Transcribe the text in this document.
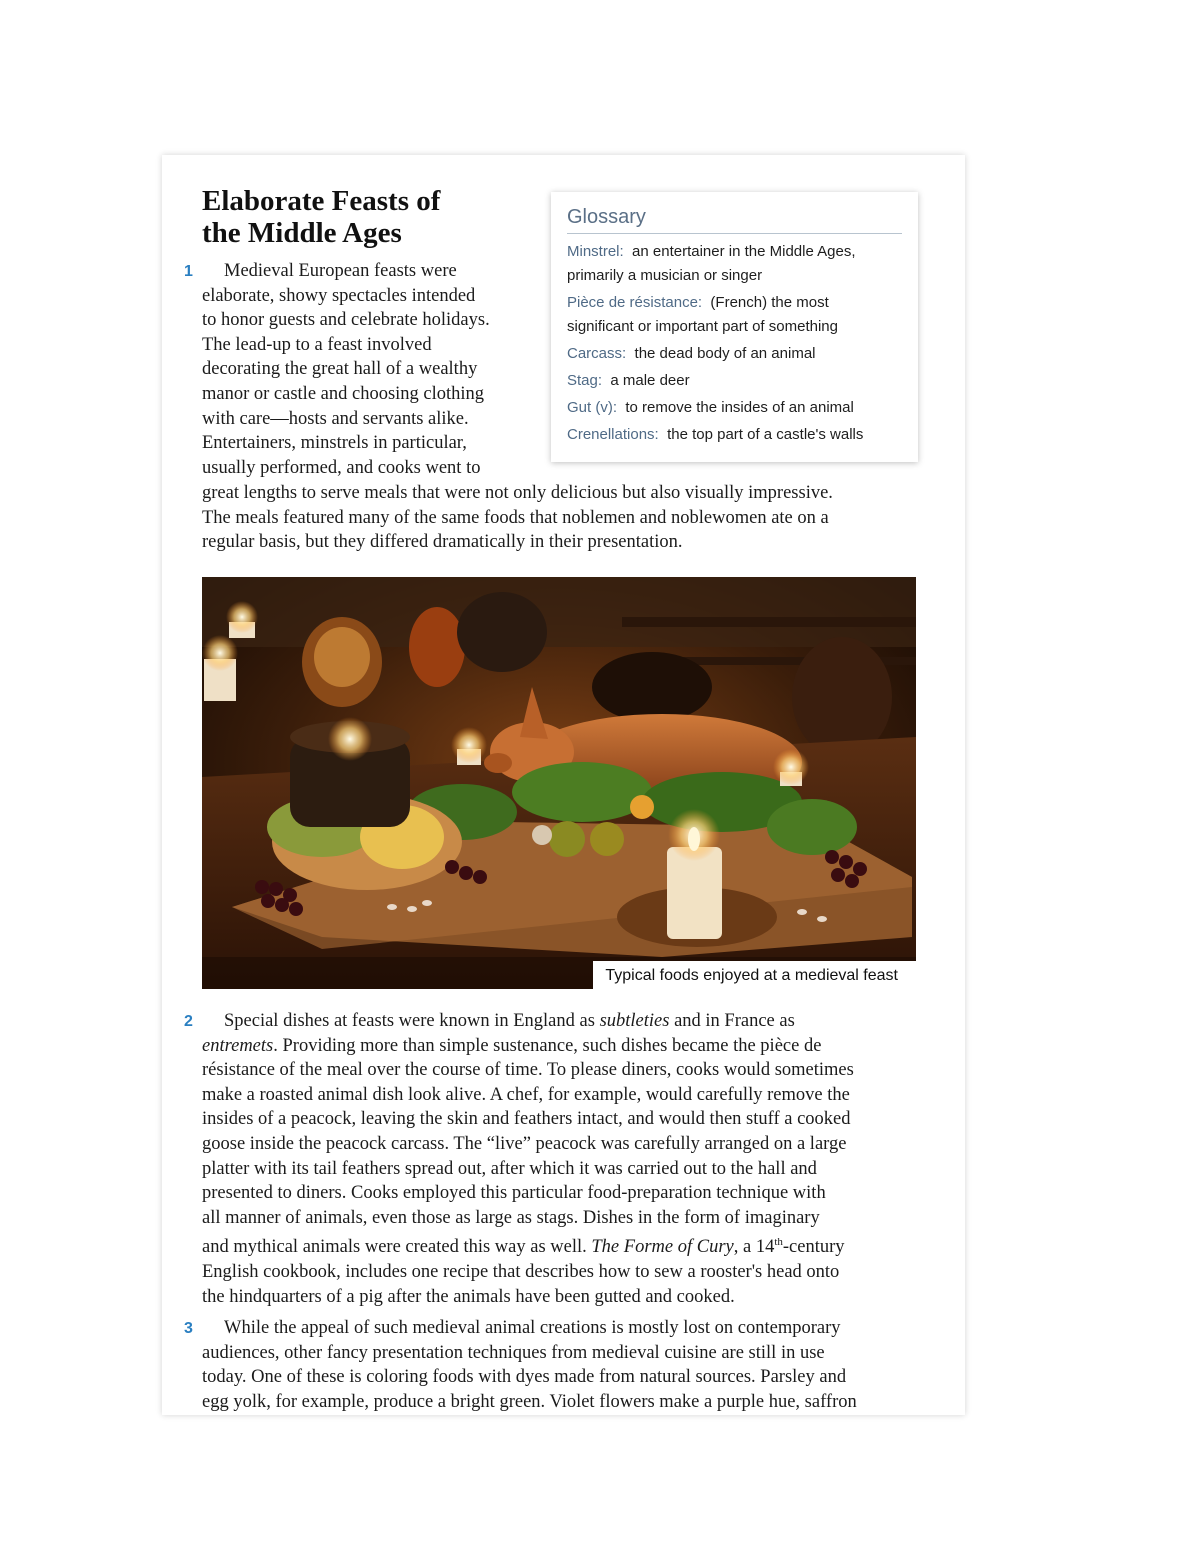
Elaborate Feasts of
the Middle Ages	Glossary
Minstrel: an entertainer in the Middle Ages,
primarily a musician or singer
Pièce de résistance: (French) the most
significant or important part of something
Carcass: the dead body of an animal
Stag: a male deer
Gut (v): to remove the insides of an animal
Crenellations: the top part of a castle's walls
1	Medieval European feasts were
elaborate, showy spectacles intended
to honor guests and celebrate holidays.
The lead-up to a feast involved
decorating the great hall of a wealthy
manor or castle and choosing clothing
with care—hosts and servants alike.
Entertainers, minstrels in particular,
usually performed, and cooks went to
great lengths to serve meals that were not only delicious but also visually impressive.
The meals featured many of the same foods that noblemen and noblewomen ate on a
regular basis, but they differed dramatically in their presentation.
Typical foods enjoyed at a medieval feast
2	Special dishes at feasts were known in England as subtleties and in France as
entremets. Providing more than simple sustenance, such dishes became the pièce de
résistance of the meal over the course of time. To please diners, cooks would sometimes
make a roasted animal dish look alive. A chef, for example, would carefully remove the
insides of a peacock, leaving the skin and feathers intact, and would then stuff a cooked
goose inside the peacock carcass. The “live” peacock was carefully arranged on a large
platter with its tail feathers spread out, after which it was carried out to the hall and
presented to diners. Cooks employed this particular food-preparation technique with
all manner of animals, even those as large as stags. Dishes in the form of imaginary
and mythical animals were created this way as well. The Forme of Cury, a 14th-century
English cookbook, includes one recipe that describes how to sew a rooster's head onto
the hindquarters of a pig after the animals have been gutted and cooked.
3	While the appeal of such medieval animal creations is mostly lost on contemporary
audiences, other fancy presentation techniques from medieval cuisine are still in use
today. One of these is coloring foods with dyes made from natural sources. Parsley and
egg yolk, for example, produce a bright green. Violet flowers make a purple hue, saffron
